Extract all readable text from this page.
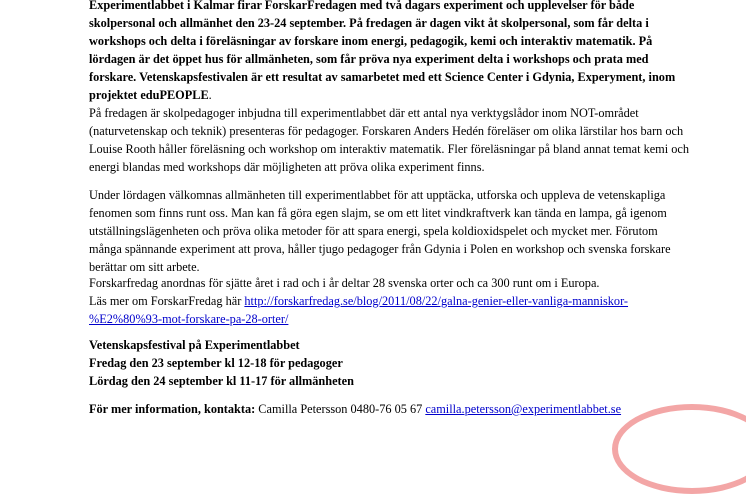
Experimentlabbet i Kalmar firar ForskarFredagen med två dagars experiment och upplevelser för både skolpersonal och allmänhet den 23-24 september. På fredagen är dagen vikt åt skolpersonal, som får delta i workshops och delta i föreläsningar av forskare inom energi, pedagogik, kemi och interaktiv matematik. På lördagen är det öppet hus för allmänheten, som får pröva nya experiment delta i workshops och prata med forskare. Vetenskapsfestivalen är ett resultat av samarbetet med ett Science Center i Gdynia, Experyment, inom projektet eduPEOPLE.

På fredagen är skolpedagoger inbjudna till experimentlabbet där ett antal nya verktygslådor inom NOT-området (naturvetenskap och teknik) presenteras för pedagoger. Forskaren Anders Hedén föreläser om olika lärstilar hos barn och Louise Rooth håller föreläsning och workshop om interaktiv matematik. Fler föreläsningar på bland annat temat kemi och energi blandas med workshops där möjligheten att pröva olika experiment finns.

Under lördagen välkomnas allmänheten till experimentlabbet för att upptäcka, utforska och uppleva de vetenskapliga fenomen som finns runt oss. Man kan få göra egen slajm, se om ett litet vindkraftverk kan tända en lampa, gå igenom utställningslägenheten och pröva olika metoder för att spara energi, spela koldioxidspelet och mycket mer. Förutom många spännande experiment att prova, håller tjugo pedagoger från Gdynia i Polen en workshop och svenska forskare berättar om sitt arbete.

Forskarfredag anordnas för sjätte året i rad och i år deltar 28 svenska orter och ca 300 runt om i Europa.

Läs mer om ForskarFredag här http://forskarfredag.se/blog/2011/08/22/galna-genier-eller-vanliga-manniskor-
%E2%80%93-mot-forskare-pa-28-orter/

Vetenskapsfestival på Experimentlabbet

Fredag den 23 september kl 12-18 för pedagoger

Lördag den 24 september kl 11-17 för allmänheten

För mer information, kontakta: Camilla Petersson 0480-76 05 67 camilla.petersson@experimentlabbet.se
